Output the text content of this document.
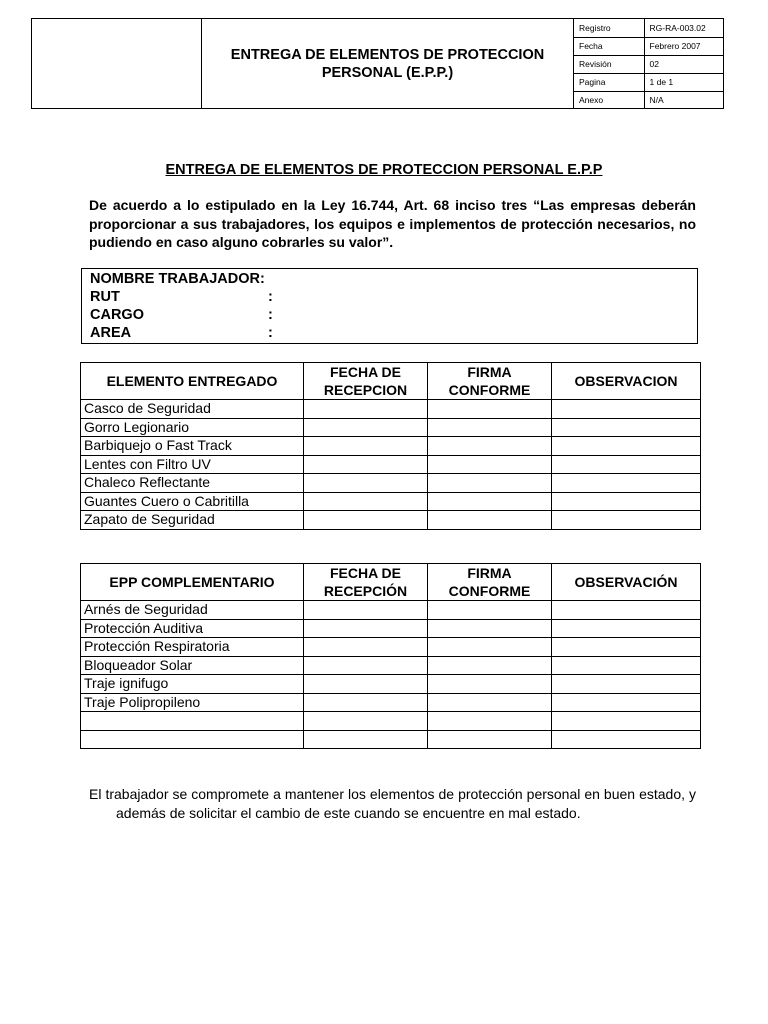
ENTREGA DE ELEMENTOS DE PROTECCION PERSONAL (E.P.P.)
Registro	RG-RA-003.02
Fecha	Febrero 2007
Revisión	02
Pagina	1 de 1
Anexo	N/A
ENTREGA DE ELEMENTOS DE PROTECCION PERSONAL E.P.P
De acuerdo a lo estipulado en la Ley 16.744, Art. 68 inciso tres “Las empresas deberán proporcionar a sus trabajadores, los equipos e implementos de protección necesarios, no pudiendo en caso alguno cobrarles su valor”.
NOMBRE TRABAJADOR:
RUT	:
CARGO	:
AREA	:
ELEMENTO ENTREGADO	FECHA DE RECEPCION	FIRMA CONFORME	OBSERVACION
Casco de Seguridad			
Gorro Legionario			
Barbiquejo o Fast Track			
Lentes con Filtro UV			
Chaleco Reflectante			
Guantes Cuero o Cabritilla			
Zapato de Seguridad			
EPP COMPLEMENTARIO	FECHA DE RECEPCIÓN	FIRMA CONFORME	OBSERVACIÓN
Arnés de Seguridad			
Protección Auditiva			
Protección Respiratoria			
Bloqueador Solar			
Traje ignifugo			
Traje Polipropileno			

El trabajador se compromete a mantener los elementos de protección personal en buen estado, y además de solicitar el cambio de este cuando se encuentre en mal estado.
